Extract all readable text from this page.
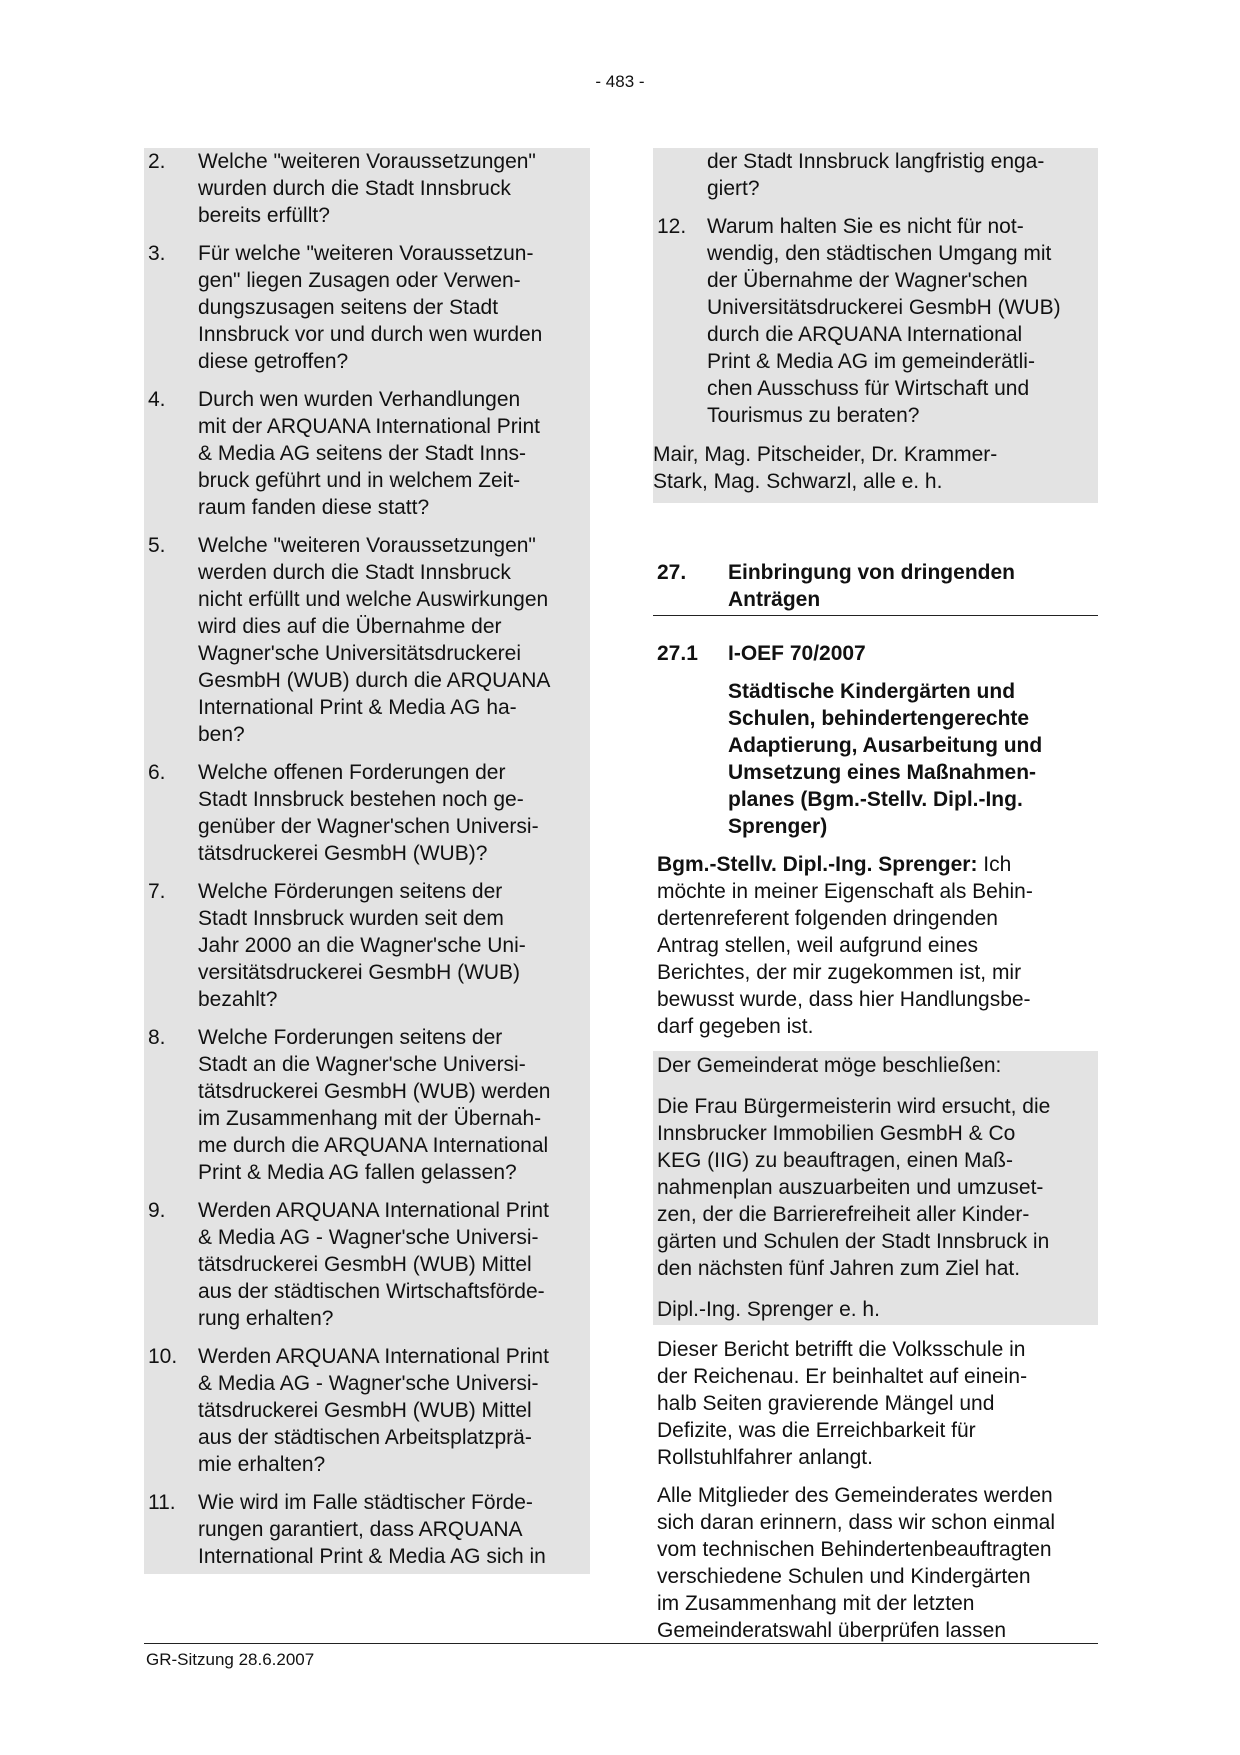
- 483 -
2.	Welche "weiteren Voraussetzungen"
wurden durch die Stadt Innsbruck
bereits erfüllt?
3.	Für welche "weiteren Voraussetzun-
gen" liegen Zusagen oder Verwen-
dungszusagen seitens der Stadt
Innsbruck vor und durch wen wurden
diese getroffen?
4.	Durch wen wurden Verhandlungen
mit der ARQUANA International Print
& Media AG seitens der Stadt Inns-
bruck geführt und in welchem Zeit-
raum fanden diese statt?
5.	Welche "weiteren Voraussetzungen"
werden durch die Stadt Innsbruck
nicht erfüllt und welche Auswirkungen
wird dies auf die Übernahme der
Wagner'sche Universitätsdruckerei
GesmbH (WUB) durch die ARQUANA
International Print & Media AG ha-
ben?
6.	Welche offenen Forderungen der
Stadt Innsbruck bestehen noch ge-
genüber der Wagner'schen Universi-
tätsdruckerei GesmbH (WUB)?
7.	Welche Förderungen seitens der
Stadt Innsbruck wurden seit dem
Jahr 2000 an die Wagner'sche Uni-
versitätsdruckerei GesmbH (WUB)
bezahlt?
8.	Welche Forderungen seitens der
Stadt an die Wagner'sche Universi-
tätsdruckerei GesmbH (WUB) werden
im Zusammenhang mit der Übernah-
me durch die ARQUANA International
Print & Media AG fallen gelassen?
9.	Werden ARQUANA International Print
& Media AG - Wagner'sche Universi-
tätsdruckerei GesmbH (WUB) Mittel
aus der städtischen Wirtschaftsförde-
rung erhalten?
10. Werden ARQUANA International Print
& Media AG - Wagner'sche Universi-
tätsdruckerei GesmbH (WUB) Mittel
aus der städtischen Arbeitsplatzprä-
mie erhalten?
11.	Wie wird im Falle städtischer Förde-
rungen garantiert, dass ARQUANA
International Print & Media AG sich in
der Stadt Innsbruck langfristig enga-
giert?
12. Warum halten Sie es nicht für not-
wendig, den städtischen Umgang mit
der Übernahme der Wagner'schen
Universitätsdruckerei GesmbH (WUB)
durch die ARQUANA International
Print & Media AG im gemeinderätli-
chen Ausschuss für Wirtschaft und
Tourismus zu beraten?
Mair, Mag. Pitscheider, Dr. Krammer-
Stark, Mag. Schwarzl, alle e. h.
27.	Einbringung von dringenden
Anträgen
27.1	I-OEF 70/2007
Städtische Kindergärten und
Schulen, behindertengerechte
Adaptierung, Ausarbeitung und
Umsetzung eines Maßnahmen-
planes (Bgm.-Stellv. Dipl.-Ing.
Sprenger)
Bgm.-Stellv. Dipl.-Ing. Sprenger: Ich
möchte in meiner Eigenschaft als Behin-
dertenreferent folgenden dringenden
Antrag stellen, weil aufgrund eines
Berichtes, der mir zugekommen ist, mir
bewusst wurde, dass hier Handlungsbe-
darf gegeben ist.
Der Gemeinderat möge beschließen:
Die Frau Bürgermeisterin wird ersucht, die
Innsbrucker Immobilien GesmbH & Co
KEG (IIG) zu beauftragen, einen Maß-
nahmenplan auszuarbeiten und umzuset-
zen, der die Barrierefreiheit aller Kinder-
gärten und Schulen der Stadt Innsbruck in
den nächsten fünf Jahren zum Ziel hat.
Dipl.-Ing. Sprenger e. h.
Dieser Bericht betrifft die Volksschule in
der Reichenau. Er beinhaltet auf einein-
halb Seiten gravierende Mängel und
Defizite, was die Erreichbarkeit für
Rollstuhlfahrer anlangt.
Alle Mitglieder des Gemeinderates werden
sich daran erinnern, dass wir schon einmal
vom technischen Behindertenbeauftragten
verschiedene Schulen und Kindergärten
im Zusammenhang mit der letzten
Gemeinderatswahl überprüfen lassen
GR-Sitzung 28.6.2007
